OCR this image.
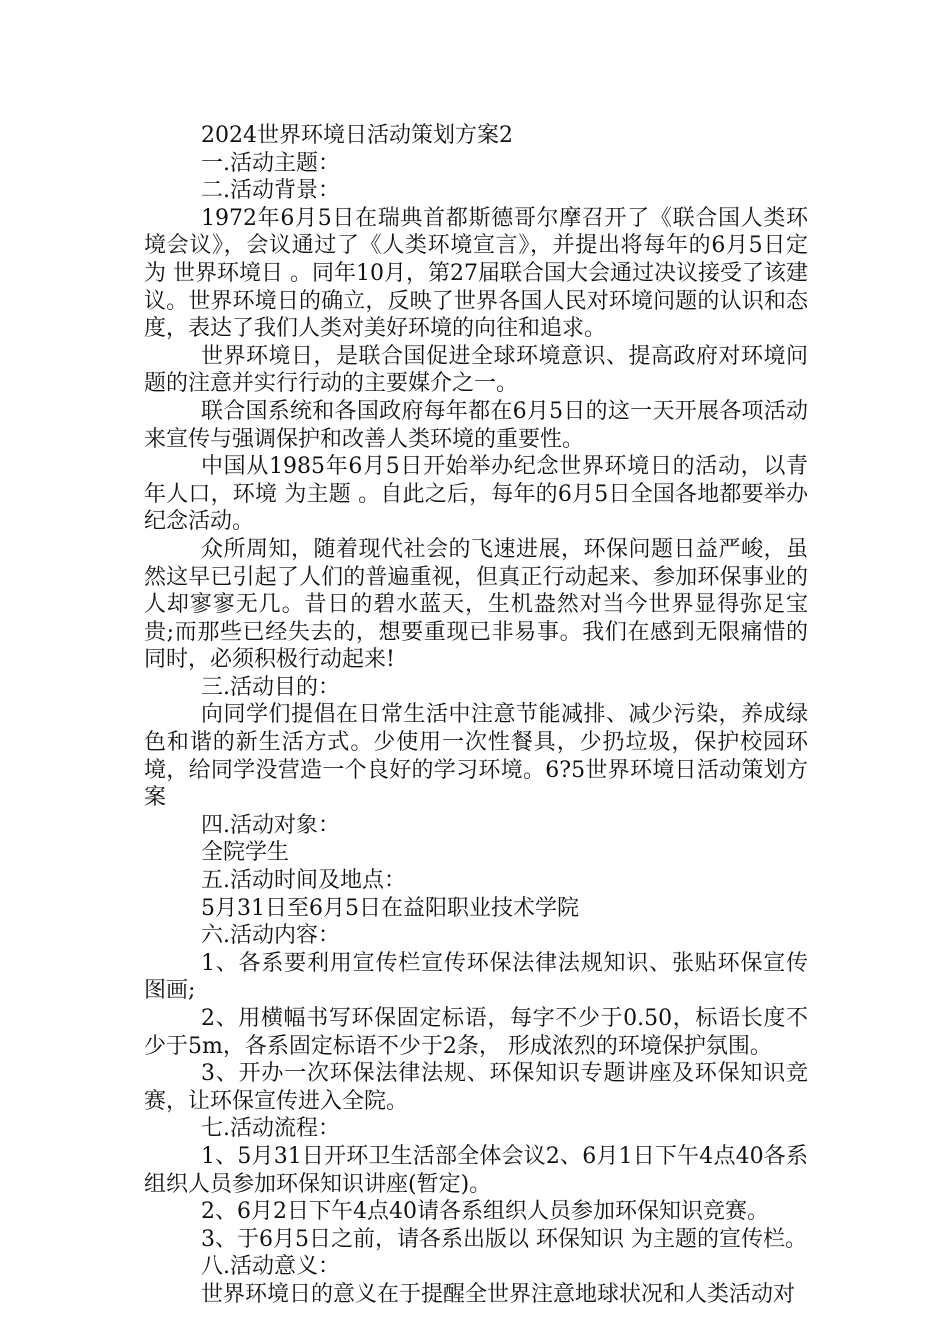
2024世界环境日活动策划方案2
一.活动主题：
二.活动背景：
1972年6月5日在瑞典首都斯德哥尔摩召开了《联合国人类环境会议》，会议通过了《人类环境宣言》，并提出将每年的6月5日定为 世界环境日 。同年10月，第27届联合国大会通过决议接受了该建议。世界环境日的确立，反映了世界各国人民对环境问题的认识和态度，表达了我们人类对美好环境的向往和追求。
世界环境日，是联合国促进全球环境意识、提高政府对环境问题的注意并实行行动的主要媒介之一。
联合国系统和各国政府每年都在6月5日的这一天开展各项活动来宣传与强调保护和改善人类环境的重要性。
中国从1985年6月5日开始举办纪念世界环境日的活动，以青年人口，环境 为主题 。自此之后，每年的6月5日全国各地都要举办纪念活动。
众所周知，随着现代社会的飞速进展，环保问题日益严峻，虽然这早已引起了人们的普遍重视，但真正行动起来、参加环保事业的人却寥寥无几。昔日的碧水蓝天，生机盎然对当今世界显得弥足宝贵;而那些已经失去的，想要重现已非易事。我们在感到无限痛惜的同时，必须积极行动起来!
三.活动目的：
向同学们提倡在日常生活中注意节能减排、减少污染，养成绿色和谐的新生活方式。少使用一次性餐具，少扔垃圾，保护校园环境，给同学没营造一个良好的学习环境。6?5世界环境日活动策划方案
四.活动对象：
全院学生
五.活动时间及地点：
5月31日至6月5日在益阳职业技术学院
六.活动内容：
1、各系要利用宣传栏宣传环保法律法规知识、张贴环保宣传图画;
2、用横幅书写环保固定标语，每字不少于0.50，标语长度不少于5m，各系固定标语不少于2条， 形成浓烈的环境保护氛围。
3、开办一次环保法律法规、环保知识专题讲座及环保知识竞赛，让环保宣传进入全院。
七.活动流程：
1、5月31日开环卫生活部全体会议2、6月1日下午4点40各系组织人员参加环保知识讲座(暂定)。
2、6月2日下午4点40请各系组织人员参加环保知识竞赛。
3、于6月5日之前，请各系出版以 环保知识 为主题的宣传栏。
八.活动意义：
世界环境日的意义在于提醒全世界注意地球状况和人类活动对
